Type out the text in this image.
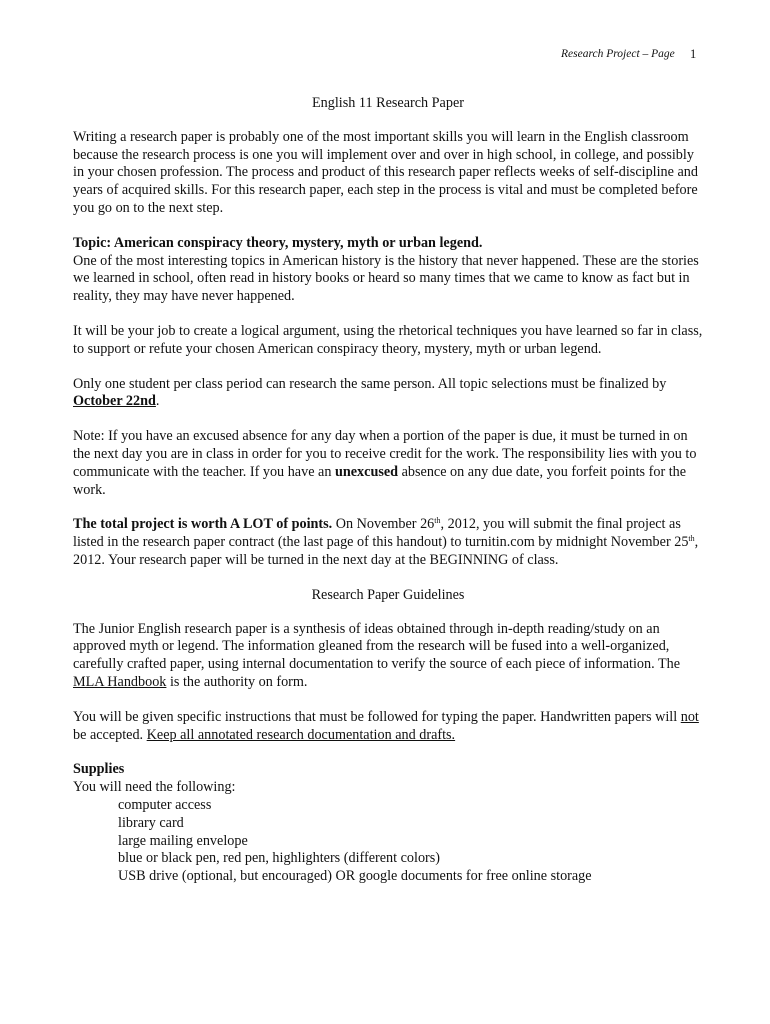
Research Project – Page 1

English 11 Research Paper

Writing a research paper is probably one of the most important skills you will learn in the English classroom because the research process is one you will implement over and over in high school, in college, and possibly in your chosen profession. The process and product of this research paper reflects weeks of self-discipline and years of acquired skills. For this research paper, each step in the process is vital and must be completed before you go on to the next step.

Topic: American conspiracy theory, mystery, myth or urban legend.

One of the most interesting topics in American history is the history that never happened. These are the stories we learned in school, often read in history books or heard so many times that we came to know as fact but in reality, they may have never happened.

It will be your job to create a logical argument, using the rhetorical techniques you have learned so far in class, to support or refute your chosen American conspiracy theory, mystery, myth or urban legend.

Only one student per class period can research the same person. All topic selections must be finalized by October 22nd.

Note: If you have an excused absence for any day when a portion of the paper is due, it must be turned in on the next day you are in class in order for you to receive credit for the work. The responsibility lies with you to communicate with the teacher. If you have an unexcused absence on any due date, you forfeit points for the work.

The total project is worth A LOT of points. On November 26th, 2012, you will submit the final project as listed in the research paper contract (the last page of this handout) to turnitin.com by midnight November 25th, 2012. Your research paper will be turned in the next day at the BEGINNING of class.

Research Paper Guidelines

The Junior English research paper is a synthesis of ideas obtained through in-depth reading/study on an approved myth or legend. The information gleaned from the research will be fused into a well-organized, carefully crafted paper, using internal documentation to verify the source of each piece of information. The MLA Handbook is the authority on form.

You will be given specific instructions that must be followed for typing the paper. Handwritten papers will not be accepted. Keep all annotated research documentation and drafts.

Supplies

You will need the following:

computer access

library card

large mailing envelope

blue or black pen, red pen, highlighters (different colors)

USB drive (optional, but encouraged) OR google documents for free online storage
